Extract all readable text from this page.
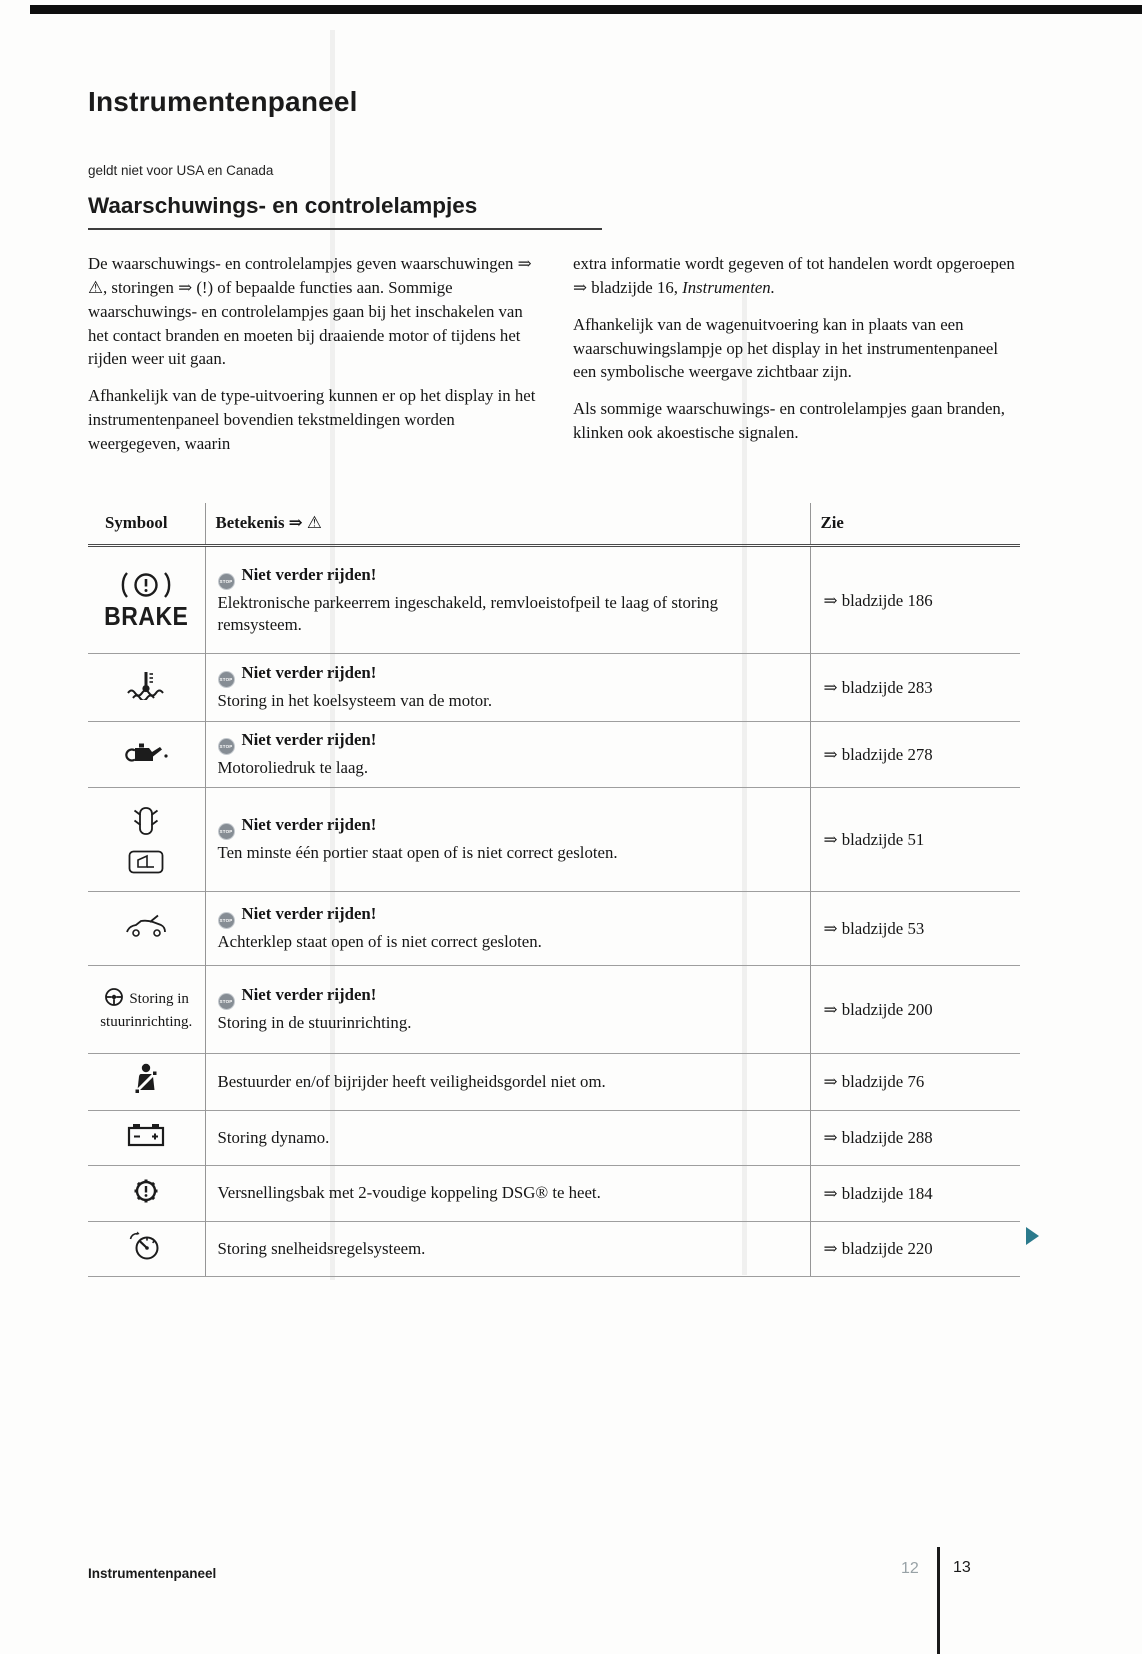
Instrumentenpaneel
geldt niet voor USA en Canada
Waarschuwings- en controlelampjes

De waarschuwings- en controlelampjes geven waarschuwingen ⇒ ⚠, storingen ⇒ (!) of bepaalde functies aan. Sommige waarschuwings- en controlelampjes gaan bij het inschakelen van het contact branden en moeten bij draaiende motor of tijdens het rijden weer uit gaan.

Afhankelijk van de type-uitvoering kunnen er op het display in het instrumentenpaneel bovendien tekstmeldingen worden weergegeven, waarin

extra informatie wordt gegeven of tot handelen wordt opgeroepen ⇒ bladzijde 16, Instrumenten.

Afhankelijk van de wagenuitvoering kan in plaats van een waarschuwingslampje op het display in het instrumentenpaneel een symbolische weergave zichtbaar zijn.

Als sommige waarschuwings- en controlelampjes gaan branden, klinken ook akoestische signalen.

Symbool	Betekenis ⇒ ⚠	Zie

BRAKE	STOP Niet verder rijden!
Elektronische parkeerrem ingeschakeld, remvloeistofpeil te laag of storing remsysteem.	⇒ bladzijde 186

STOP Niet verder rijden!
Storing in het koelsysteem van de motor.	⇒ bladzijde 283

STOP Niet verder rijden!
Motoroliedruk te laag.	⇒ bladzijde 278

STOP Niet verder rijden!
Ten minste één portier staat open of is niet correct gesloten.	⇒ bladzijde 51

STOP Niet verder rijden!
Achterklep staat open of is niet correct gesloten.	⇒ bladzijde 53

Storing in stuurinrichting.	STOP Niet verder rijden!
Storing in de stuurinrichting.	⇒ bladzijde 200

Bestuurder en/of bijrijder heeft veiligheidsgordel niet om.	⇒ bladzijde 76

Storing dynamo.	⇒ bladzijde 288

Versnellingsbak met 2-voudige koppeling DSG® te heet.	⇒ bladzijde 184

Storing snelheidsregelsysteem.	⇒ bladzijde 220
Instrumentenpaneel	12 13
